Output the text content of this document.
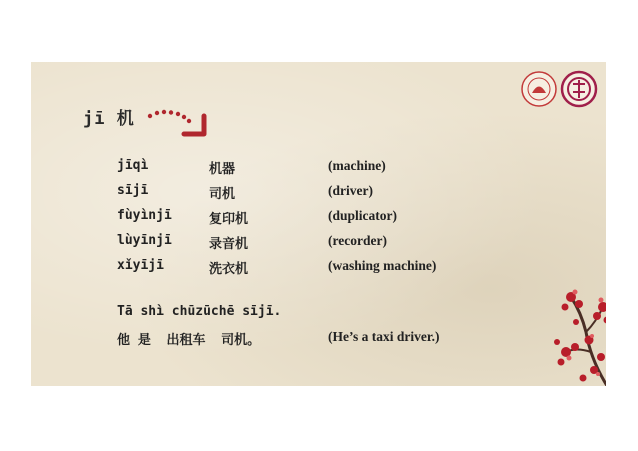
jī 机
jīqì	机器	(machine)
sījī	司机	(driver)
fùyìnjī	复印机	(duplicator)
lùyīnjī	录音机	(recorder)
xǐyījī	洗衣机	(washing machine)
Tā shì chūzūchē sījī.
他 是  出租车  司机。	(He’s a taxi driver.)
